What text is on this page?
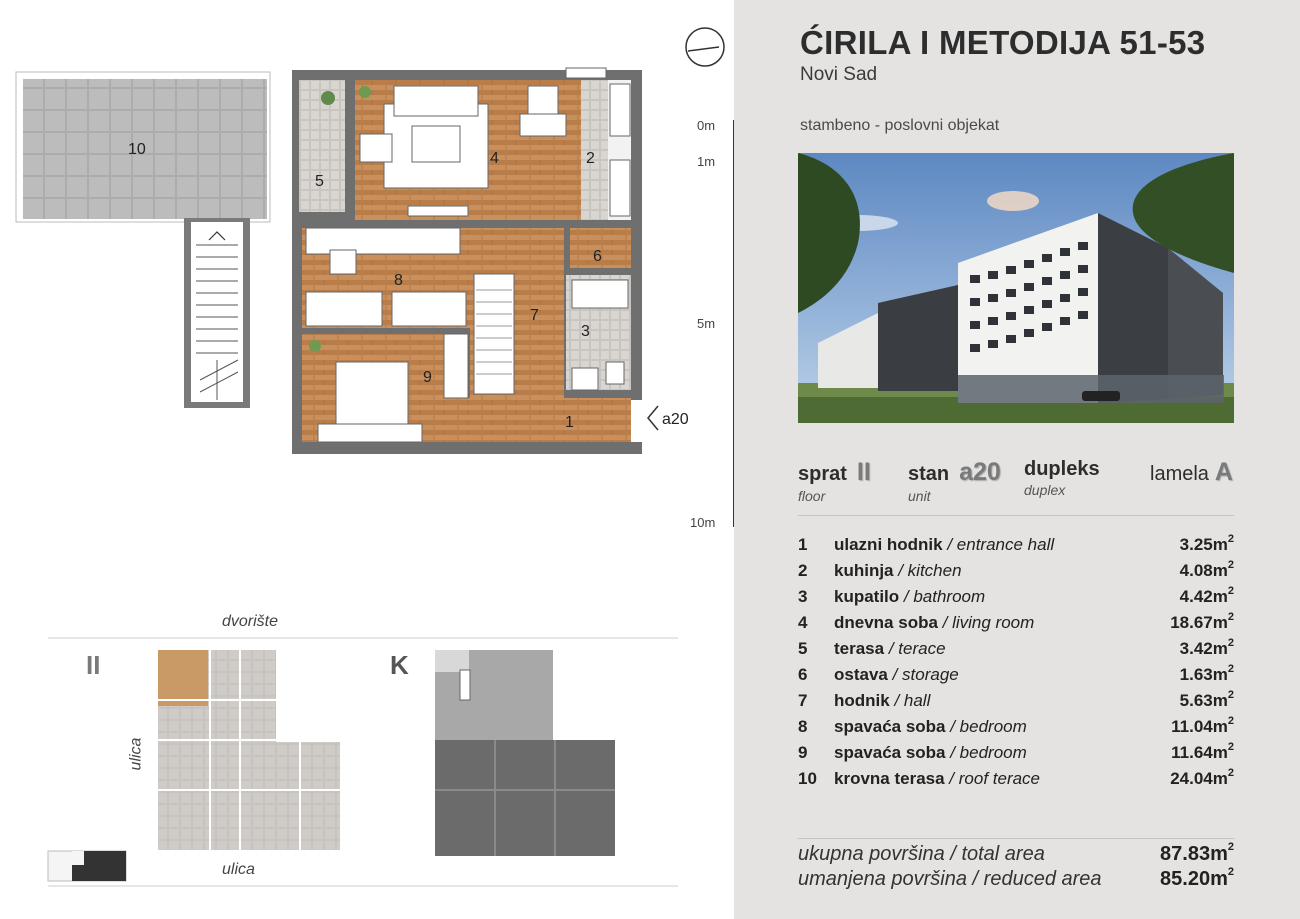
1
2
3
4
5
6
7
8
9
10
a20
dvorište
ulica
ulica
II	K
0m
1m
5m
10m
ĆIRILA I METODIJA 51-53
Novi Sad
stambeno - poslovni objekat
sprat II
floor
stan a20
unit
dupleks
duplex
lamela A
1 ulazni hodnik / entrance hall	$3.25m^2$
2 kuhinja / kitchen	$4.08m^2$
3 kupatilo / bathroom	$4.42m^2$
4 dnevna soba / living room	$18.67m^2$
5 terasa / terace	$3.42m^2$
6 ostava / storage	$1.63m^2$
7 hodnik / hall	$5.63m^2$
8 spavaća soba / bedroom	$11.04m^2$
9 spavaća soba / bedroom	$11.64m^2$
10 krovna terasa / roof terace	$24.04m^2$
ukupna površina / total area	$87.83m^2$
umanjena površina / reduced area	$85.20m^2$
